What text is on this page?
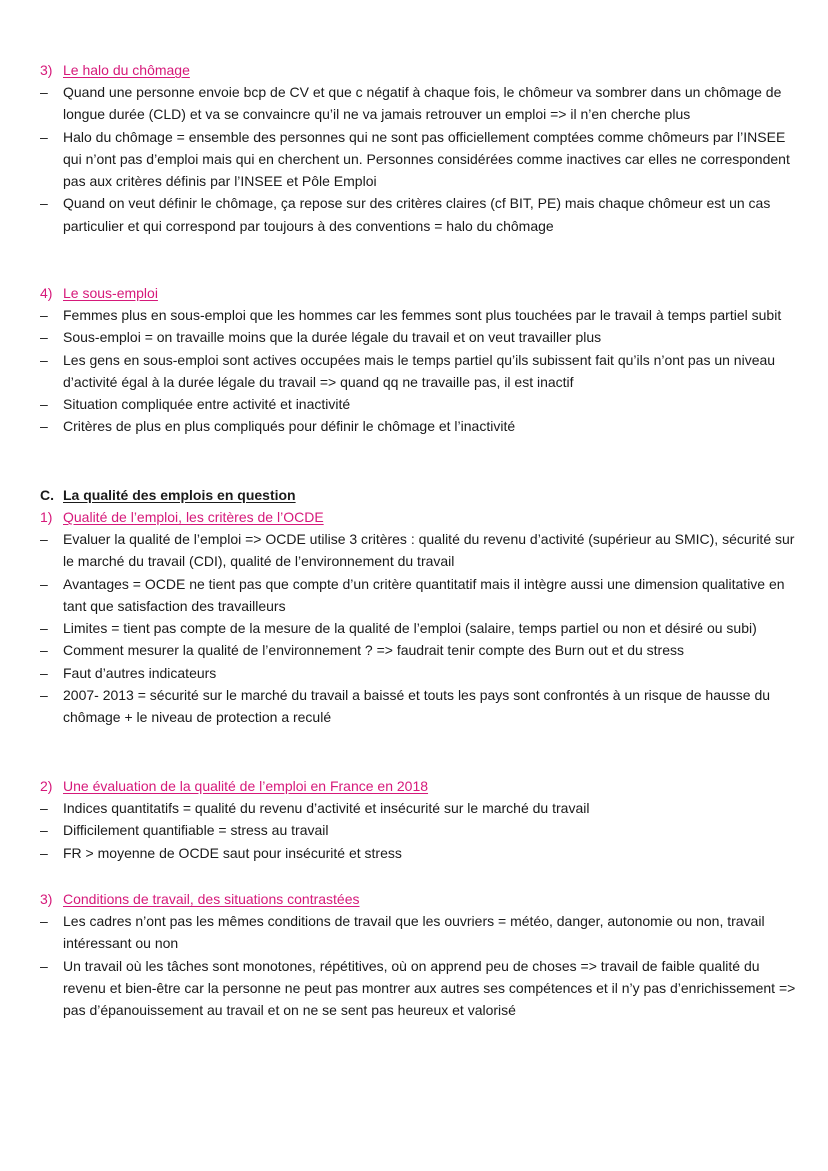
3) Le halo du chômage
–	Quand une personne envoie bcp de CV et que c négatif à chaque fois, le chômeur va sombrer dans un chômage de longue durée (CLD) et va se convaincre qu’il ne va jamais retrouver un emploi => il n’en cherche plus
–	Halo du chômage = ensemble des personnes qui ne sont pas officiellement comptées comme chômeurs par l’INSEE qui n’ont pas d’emploi mais qui en cherchent un. Personnes considérées comme inactives car elles ne correspondent pas aux critères définis par l’INSEE et Pôle Emploi
–	Quand on veut définir le chômage, ça repose sur des critères claires (cf BIT, PE) mais chaque chômeur est un cas particulier et qui correspond par toujours à des conventions = halo du chômage
4) Le sous-emploi
–	Femmes plus en sous-emploi que les hommes car les femmes sont plus touchées par le travail à temps partiel subit
–	Sous-emploi = on travaille moins que la durée légale du travail et on veut travailler plus
–	Les gens en sous-emploi sont actives occupées mais le temps partiel qu’ils subissent fait qu’ils n’ont pas un niveau d’activité égal à la durée légale du travail => quand qq ne travaille pas, il est inactif
–	Situation compliquée entre activité et inactivité
–	Critères de plus en plus compliqués pour définir le chômage et l’inactivité
C. La qualité des emplois en question
1) Qualité de l’emploi, les critères de l’OCDE
–	Evaluer la qualité de l’emploi => OCDE utilise 3 critères : qualité du revenu d’activité (supérieur au SMIC), sécurité sur le marché du travail (CDI), qualité de l’environnement du travail
–	Avantages = OCDE ne tient pas que compte d’un critère quantitatif mais il intègre aussi une dimension qualitative en tant que satisfaction des travailleurs
–	Limites = tient pas compte de la mesure de la qualité de l’emploi (salaire, temps partiel ou non et désiré ou subi)
–	Comment mesurer la qualité de l’environnement ? => faudrait tenir compte des Burn out et du stress
–	Faut d’autres indicateurs
–	2007- 2013 = sécurité sur le marché du travail a baissé et touts les pays sont confrontés à un risque de hausse du chômage + le niveau de protection a reculé
2) Une évaluation de la qualité de l’emploi en France en 2018
–	Indices quantitatifs = qualité du revenu d’activité et insécurité sur le marché du travail
–	Difficilement quantifiable = stress au travail
–	FR > moyenne de OCDE saut pour insécurité et stress
3) Conditions de travail, des situations contrastées
–	Les cadres n’ont pas les mêmes conditions de travail que les ouvriers = météo, danger, autonomie ou non, travail intéressant ou non
–	Un travail où les tâches sont monotones, répétitives, où on apprend peu de choses => travail de faible qualité du revenu et bien-être car la personne ne peut pas montrer aux autres ses compétences et il n’y pas d’enrichissement => pas d’épanouissement au travail et on ne se sent pas heureux et valorisé
